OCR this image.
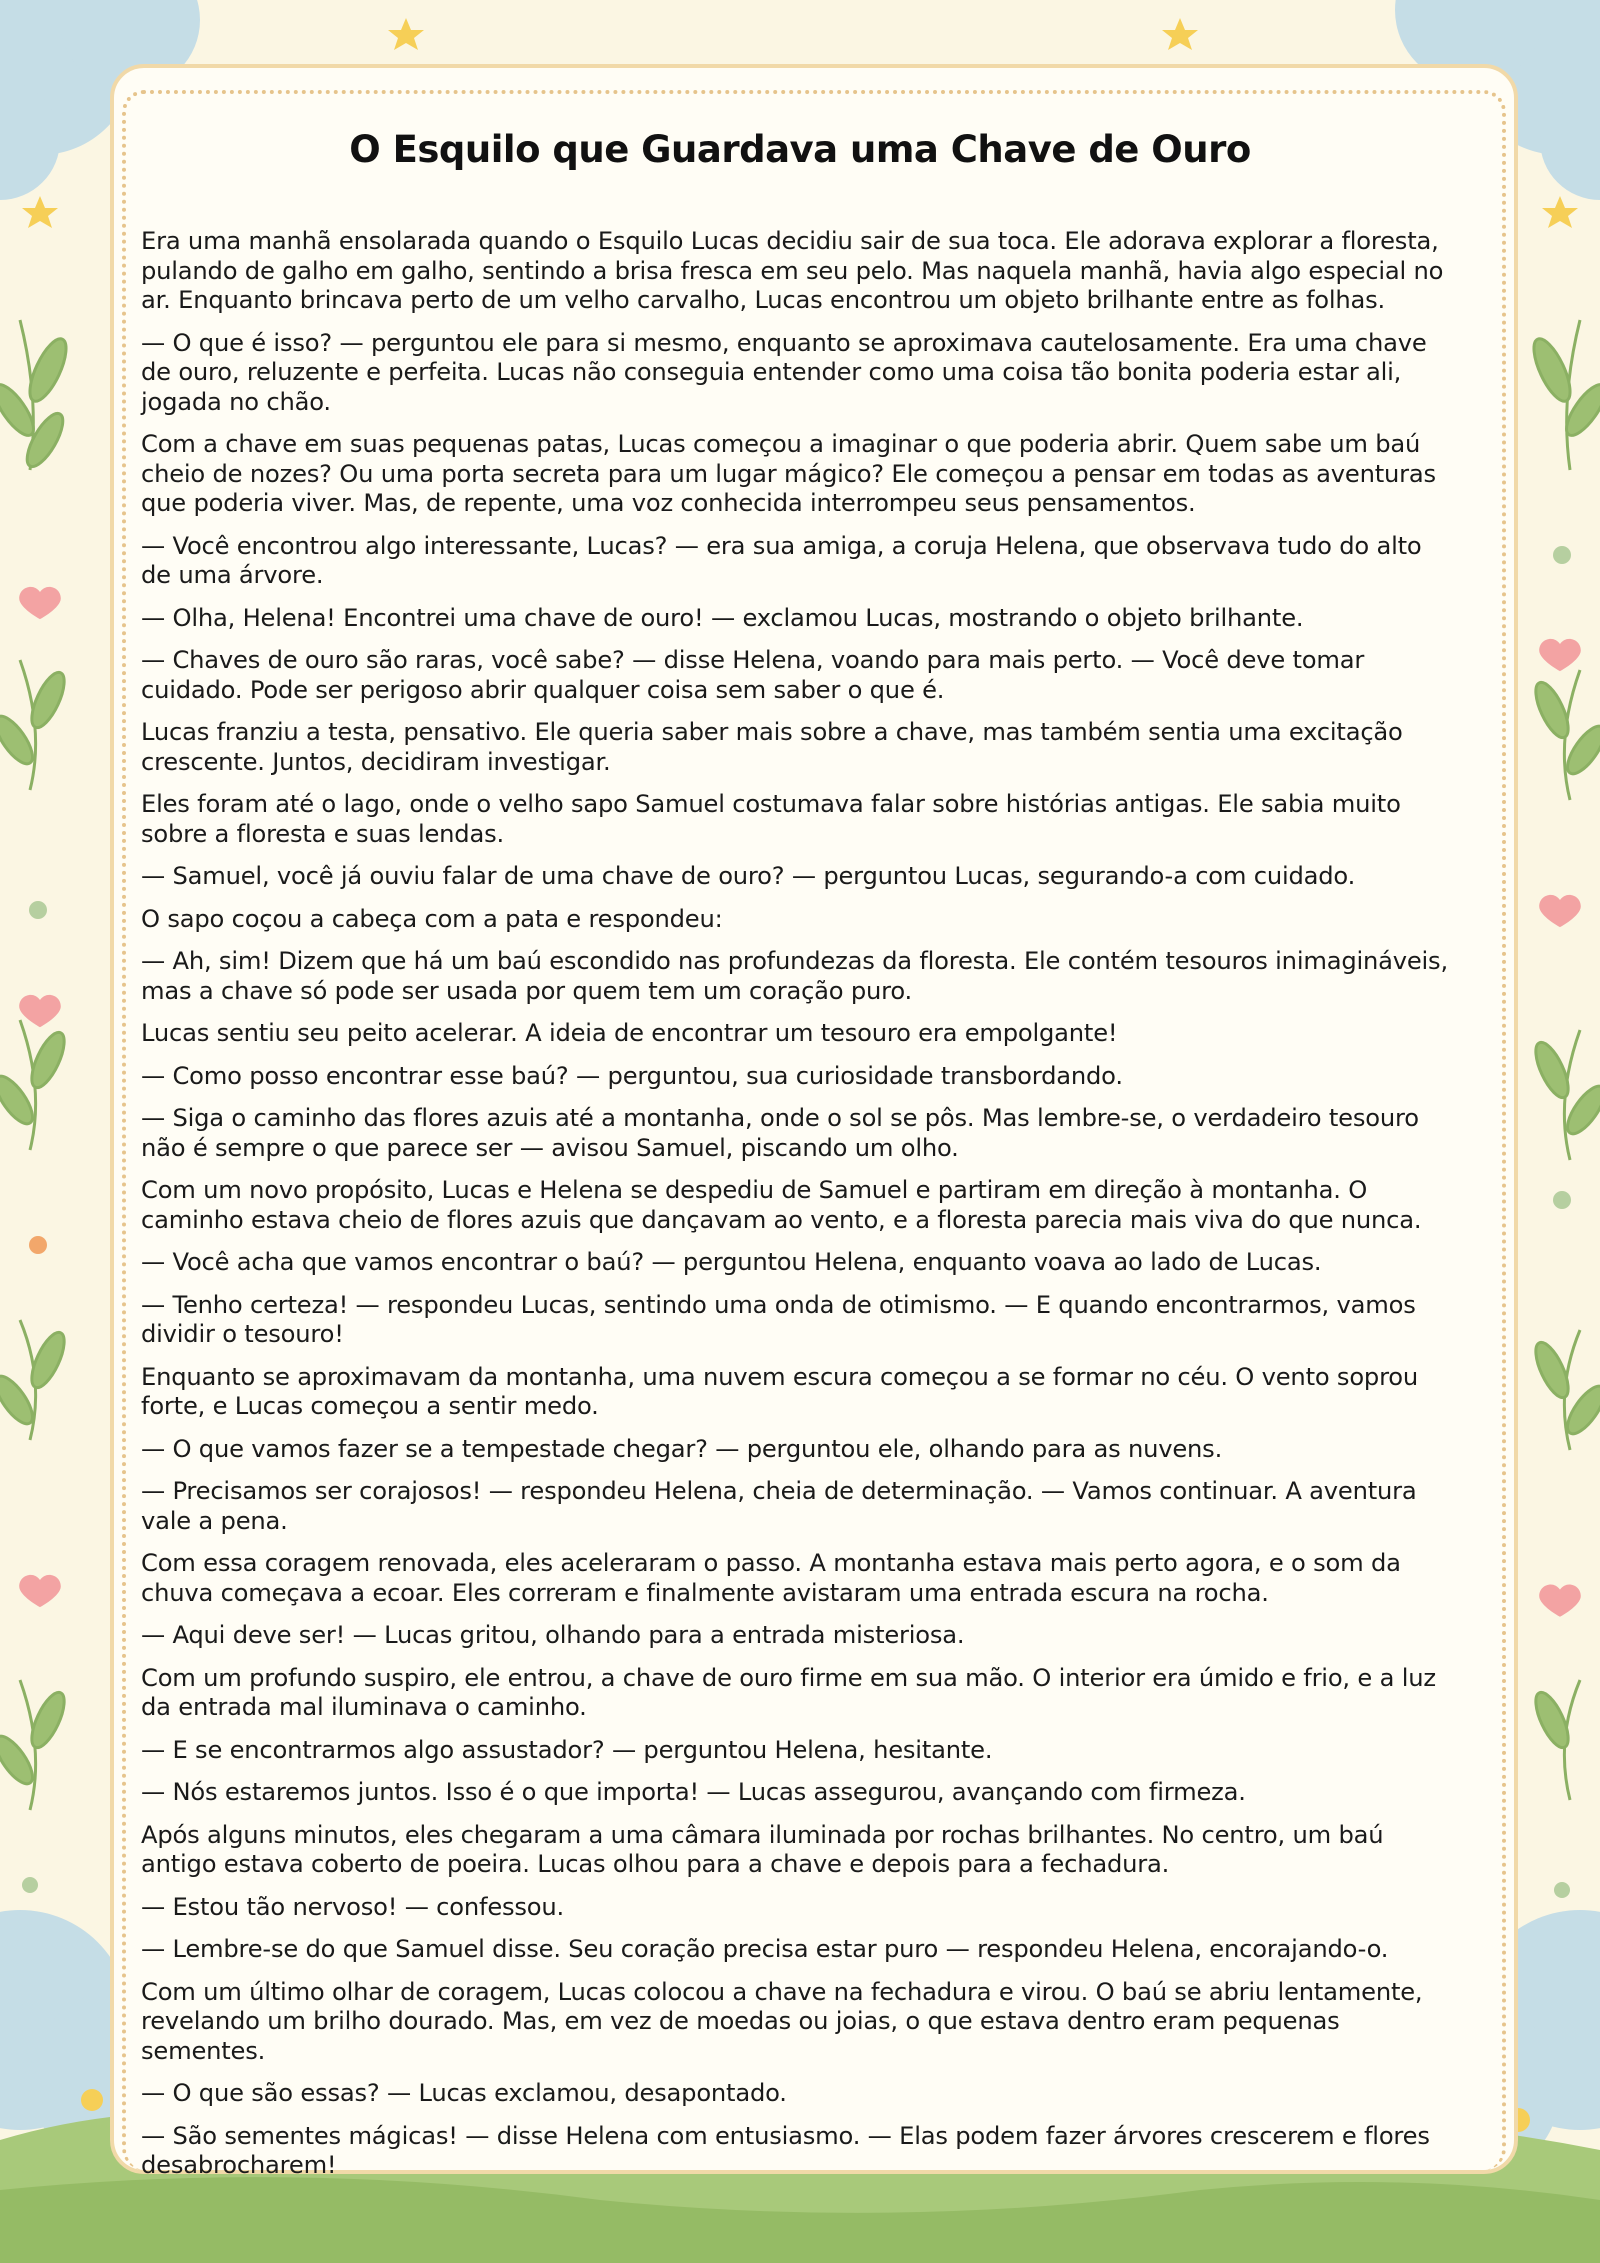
O Esquilo que Guardava uma Chave de Ouro

Era uma manhã ensolarada quando o Esquilo Lucas decidiu sair de sua toca. Ele adorava explorar a floresta, pulando de galho em galho, sentindo a brisa fresca em seu pelo. Mas naquela manhã, havia algo especial no ar. Enquanto brincava perto de um velho carvalho, Lucas encontrou um objeto brilhante entre as folhas.

— O que é isso? — perguntou ele para si mesmo, enquanto se aproximava cautelosamente. Era uma chave de ouro, reluzente e perfeita. Lucas não conseguia entender como uma coisa tão bonita poderia estar ali, jogada no chão.

Com a chave em suas pequenas patas, Lucas começou a imaginar o que poderia abrir. Quem sabe um baú cheio de nozes? Ou uma porta secreta para um lugar mágico? Ele começou a pensar em todas as aventuras que poderia viver. Mas, de repente, uma voz conhecida interrompeu seus pensamentos.

— Você encontrou algo interessante, Lucas? — era sua amiga, a coruja Helena, que observava tudo do alto de uma árvore.

— Olha, Helena! Encontrei uma chave de ouro! — exclamou Lucas, mostrando o objeto brilhante.

— Chaves de ouro são raras, você sabe? — disse Helena, voando para mais perto. — Você deve tomar cuidado. Pode ser perigoso abrir qualquer coisa sem saber o que é.

Lucas franziu a testa, pensativo. Ele queria saber mais sobre a chave, mas também sentia uma excitação crescente. Juntos, decidiram investigar.

Eles foram até o lago, onde o velho sapo Samuel costumava falar sobre histórias antigas. Ele sabia muito sobre a floresta e suas lendas.

— Samuel, você já ouviu falar de uma chave de ouro? — perguntou Lucas, segurando-a com cuidado.

O sapo coçou a cabeça com a pata e respondeu:

— Ah, sim! Dizem que há um baú escondido nas profundezas da floresta. Ele contém tesouros inimagináveis, mas a chave só pode ser usada por quem tem um coração puro.

Lucas sentiu seu peito acelerar. A ideia de encontrar um tesouro era empolgante!

— Como posso encontrar esse baú? — perguntou, sua curiosidade transbordando.

— Siga o caminho das flores azuis até a montanha, onde o sol se pôs. Mas lembre-se, o verdadeiro tesouro não é sempre o que parece ser — avisou Samuel, piscando um olho.

Com um novo propósito, Lucas e Helena se despediu de Samuel e partiram em direção à montanha. O caminho estava cheio de flores azuis que dançavam ao vento, e a floresta parecia mais viva do que nunca.

— Você acha que vamos encontrar o baú? — perguntou Helena, enquanto voava ao lado de Lucas.

— Tenho certeza! — respondeu Lucas, sentindo uma onda de otimismo. — E quando encontrarmos, vamos dividir o tesouro!

Enquanto se aproximavam da montanha, uma nuvem escura começou a se formar no céu. O vento soprou forte, e Lucas começou a sentir medo.

— O que vamos fazer se a tempestade chegar? — perguntou ele, olhando para as nuvens.

— Precisamos ser corajosos! — respondeu Helena, cheia de determinação. — Vamos continuar. A aventura vale a pena.

Com essa coragem renovada, eles aceleraram o passo. A montanha estava mais perto agora, e o som da chuva começava a ecoar. Eles correram e finalmente avistaram uma entrada escura na rocha.

— Aqui deve ser! — Lucas gritou, olhando para a entrada misteriosa.

Com um profundo suspiro, ele entrou, a chave de ouro firme em sua mão. O interior era úmido e frio, e a luz da entrada mal iluminava o caminho.

— E se encontrarmos algo assustador? — perguntou Helena, hesitante.

— Nós estaremos juntos. Isso é o que importa! — Lucas assegurou, avançando com firmeza.

Após alguns minutos, eles chegaram a uma câmara iluminada por rochas brilhantes. No centro, um baú antigo estava coberto de poeira. Lucas olhou para a chave e depois para a fechadura.

— Estou tão nervoso! — confessou.

— Lembre-se do que Samuel disse. Seu coração precisa estar puro — respondeu Helena, encorajando-o.

Com um último olhar de coragem, Lucas colocou a chave na fechadura e virou. O baú se abriu lentamente, revelando um brilho dourado. Mas, em vez de moedas ou joias, o que estava dentro eram pequenas sementes.

— O que são essas? — Lucas exclamou, desapontado.

— São sementes mágicas! — disse Helena com entusiasmo. — Elas podem fazer árvores crescerem e flores desabrocharem!
